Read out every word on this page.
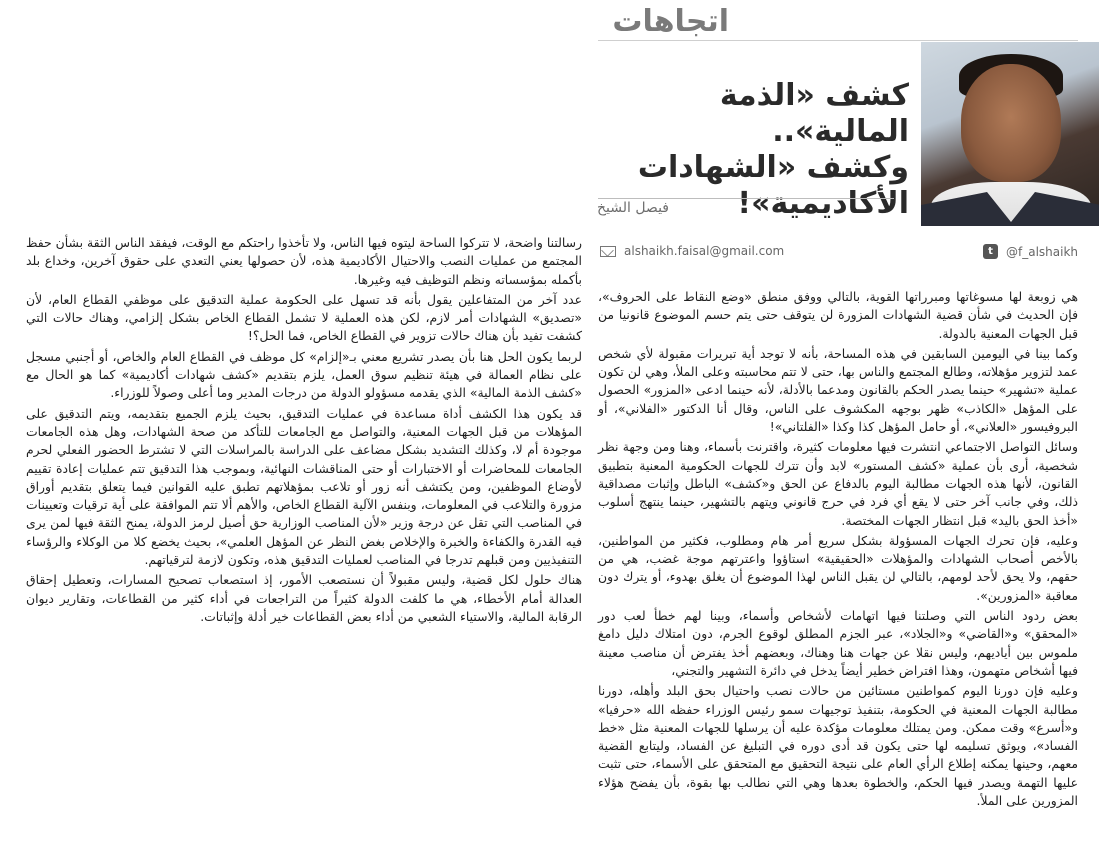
اتجاهات
كشف «الذمة المالية»..
وكشف «الشهادات
الأكاديمية»!
فيصل الشيخ
alshaikh.faisal@gmail.com	t	@f_alshaikh

هي زوبعة لها مسوغاتها ومبرراتها القوية، بالتالي ووفق منطق «وضع النقاط على الحروف»، فإن الحديث في شأن قضية الشهادات المزورة لن يتوقف حتى يتم حسم الموضوع قانونيا من قبل الجهات المعنية بالدولة.

وكما بينا في اليومين السابقين في هذه المساحة، بأنه لا توجد أية تبريرات مقبولة لأي شخص عمد لتزوير مؤهلاته، وطالع المجتمع والناس بها، حتى لا تتم محاسبته وعلى الملأ، وهي لن تكون عملية «تشهير» حينما يصدر الحكم بالقانون ومدعما بالأدلة، لأنه حينما ادعى «المزور» الحصول على المؤهل «الكاذب» ظهر بوجهه المكشوف على الناس، وقال أنا الدكتور «الفلاني»، أو البروفيسور «العلاني»، أو حامل المؤهل كذا وكذا «الفلتاني»!

وسائل التواصل الاجتماعي انتشرت فيها معلومات كثيرة، واقترنت بأسماء، وهنا ومن وجهة نظر شخصية، أرى بأن عملية «كشف المستور» لابد وأن تترك للجهات الحكومية المعنية بتطبيق القانون، لأنها هذه الجهات مطالبة اليوم بالدفاع عن الحق و«كشف» الباطل وإثبات مصداقية ذلك، وفي جانب آخر حتى لا يقع أي فرد في حرج قانوني ويتهم بالتشهير، حينما ينتهج أسلوب «أخذ الحق باليد» قبل انتظار الجهات المختصة.

وعليه، فإن تحرك الجهات المسؤولة بشكل سريع أمر هام ومطلوب، فكثير من المواطنين، بالأخص أصحاب الشهادات والمؤهلات «الحقيقية» استاؤوا واعترتهم موجة غضب، هي من حقهم، ولا يحق لأحد لومهم، بالتالي لن يقبل الناس لهذا الموضوع أن يغلق بهدوء، أو يترك دون معاقبة «المزورين».

بعض ردود الناس التي وصلتنا فيها اتهامات لأشخاص وأسماء، وبينا لهم خطأ لعب دور «المحقق» و«القاضي» و«الجلاد»، عبر الجزم المطلق لوقوع الجرم، دون امتلاك دليل دامغ ملموس بين أياديهم، وليس نقلا عن جهات هنا وهناك، وبعضهم أخذ يفترض أن مناصب معينة فيها أشخاص متهمون، وهذا افتراض خطير أيضاً يدخل في دائرة التشهير والتجني،

وعليه فإن دورنا اليوم كمواطنين مستائين من حالات نصب واحتيال بحق البلد وأهله، دورنا مطالبة الجهات المعنية في الحكومة، بتنفيذ توجيهات سمو رئيس الوزراء حفظه الله «حرفيا» و«أسرع» وقت ممكن. ومن يمتلك معلومات مؤكدة عليه أن يرسلها للجهات المعنية مثل «خط الفساد»، ويوثق تسليمه لها حتى يكون قد أدى دوره في التبليغ عن الفساد، وليتابع القضية معهم، وحينها يمكنه إطلاع الرأي العام على نتيجة التحقيق مع المتحقق على الأسماء، حتى تثبت عليها التهمة ويصدر فيها الحكم، والخطوة بعدها وهي التي نطالب بها بقوة، بأن يفضح هؤلاء المزورين على الملأ.

رسالتنا واضحة، لا تتركوا الساحة ليتوه فيها الناس، ولا تأخذوا راحتكم مع الوقت، فيفقد الناس الثقة بشأن حفظ المجتمع من عمليات النصب والاحتيال الأكاديمية هذه، لأن حصولها يعني التعدي على حقوق آخرين، وخداع بلد بأكمله بمؤسساته ونظم التوظيف فيه وغيرها.

عدد آخر من المتفاعلين يقول بأنه قد تسهل على الحكومة عملية التدقيق على موظفي القطاع العام، لأن «تصديق» الشهادات أمر لازم، لكن هذه العملية لا تشمل القطاع الخاص بشكل إلزامي، وهناك حالات التي كشفت تفيد بأن هناك حالات تزوير في القطاع الخاص، فما الحل؟!

لربما يكون الحل هنا بأن يصدر تشريع معني بـ«إلزام» كل موظف في القطاع العام والخاص، أو أجنبي مسجل على نظام العمالة في هيئة تنظيم سوق العمل، يلزم بتقديم «كشف شهادات أكاديمية» كما هو الحال مع «كشف الذمة المالية» الذي يقدمه مسؤولو الدولة من درجات المدير وما أعلى وصولاً للوزراء.

قد يكون هذا الكشف أداة مساعدة في عمليات التدقيق، بحيث يلزم الجميع بتقديمه، ويتم التدقيق على المؤهلات من قبل الجهات المعنية، والتواصل مع الجامعات للتأكد من صحة الشهادات، وهل هذه الجامعات موجودة أم لا، وكذلك التشديد بشكل مضاعف على الدراسة بالمراسلات التي لا تشترط الحضور الفعلي لحرم الجامعات للمحاضرات أو الاختبارات أو حتى المناقشات النهائية، وبموجب هذا التدقيق تتم عمليات إعادة تقييم لأوضاع الموظفين، ومن يكتشف أنه زور أو تلاعب بمؤهلاتهم تطبق عليه القوانين فيما يتعلق بتقديم أوراق مزورة والتلاعب في المعلومات، وبنفس الآلية القطاع الخاص، والأهم ألا تتم الموافقة على أية ترقيات وتعيينات في المناصب التي تقل عن درجة وزير «لأن المناصب الوزارية حق أصيل لرمز الدولة، يمنح الثقة فيها لمن يرى فيه القدرة والكفاءة والخبرة والإخلاص بغض النظر عن المؤهل العلمي»، بحيث يخضع كلا من الوكلاء والرؤساء التنفيذيين ومن قبلهم تدرجا في المناصب لعمليات التدقيق هذه، وتكون لازمة لترقياتهم.

هناك حلول لكل قضية، وليس مقبولاً أن نستصعب الأمور، إذ استصعاب تصحيح المسارات، وتعطيل إحقاق العدالة أمام الأخطاء، هي ما كلفت الدولة كثيراً من التراجعات في أداء كثير من القطاعات، وتقارير ديوان الرقابة المالية، والاستياء الشعبي من أداء بعض القطاعات خير أدلة وإثباتات.
